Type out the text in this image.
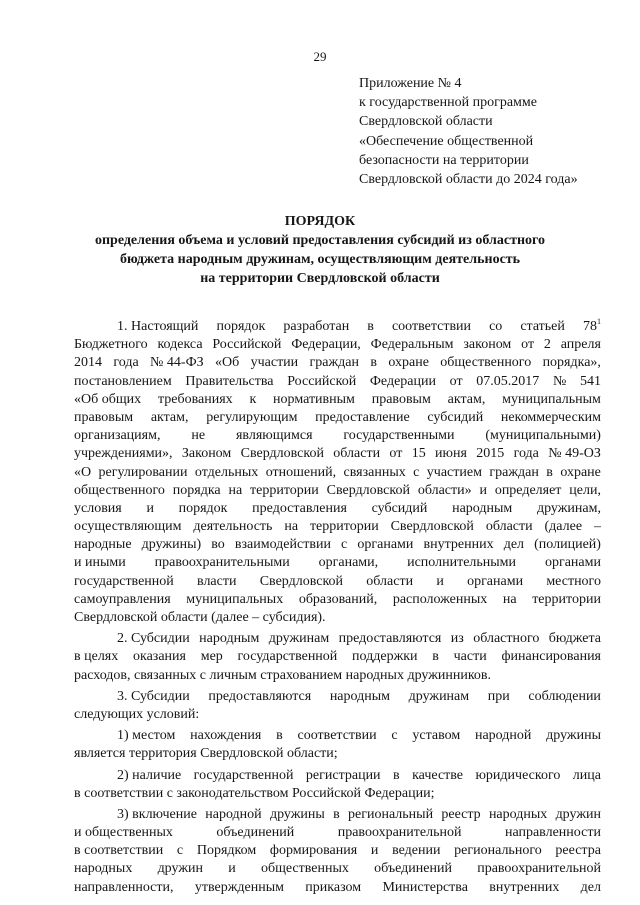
29
Приложение № 4
к государственной программе
Свердловской области
«Обеспечение общественной
безопасности на территории
Свердловской области до 2024 года»
ПОРЯДОК
определения объема и условий предоставления субсидий из областного
бюджета народным дружинам, осуществляющим деятельность
на территории Свердловской области
1. Настоящий порядок разработан в соответствии со статьей $78^1$
Бюджетного кодекса Российской Федерации, Федеральным законом от 2 апреля
2014 года № 44-ФЗ «Об участии граждан в охране общественного порядка»,
постановлением Правительства Российской Федерации от 07.05.2017 № 541
«Об общих требованиях к нормативным правовым актам, муниципальным
правовым актам, регулирующим предоставление субсидий некоммерческим
организациям, не являющимся государственными (муниципальными)
учреждениями», Законом Свердловской области от 15 июня 2015 года № 49-ОЗ
«О регулировании отдельных отношений, связанных с участием граждан в охране
общественного порядка на территории Свердловской области» и определяет цели,
условия и порядок предоставления субсидий народным дружинам,
осуществляющим деятельность на территории Свердловской области (далее –
народные дружины) во взаимодействии с органами внутренних дел (полицией)
и иными правоохранительными органами, исполнительными органами
государственной власти Свердловской области и органами местного
самоуправления муниципальных образований, расположенных на территории
Свердловской области (далее – субсидия).
2. Субсидии народным дружинам предоставляются из областного бюджета
в целях оказания мер государственной поддержки в части финансирования
расходов, связанных с личным страхованием народных дружинников.
3. Субсидии предоставляются народным дружинам при соблюдении
следующих условий:
1) местом нахождения в соответствии с уставом народной дружины
является территория Свердловской области;
2) наличие государственной регистрации в качестве юридического лица
в соответствии с законодательством Российской Федерации;
3) включение народной дружины в региональный реестр народных дружин
и общественных	объединений	правоохранительной	направленности
в соответствии с Порядком формирования и ведении регионального реестра
народных дружин и общественных объединений правоохранительной
направленности, утвержденным приказом Министерства внутренних дел
